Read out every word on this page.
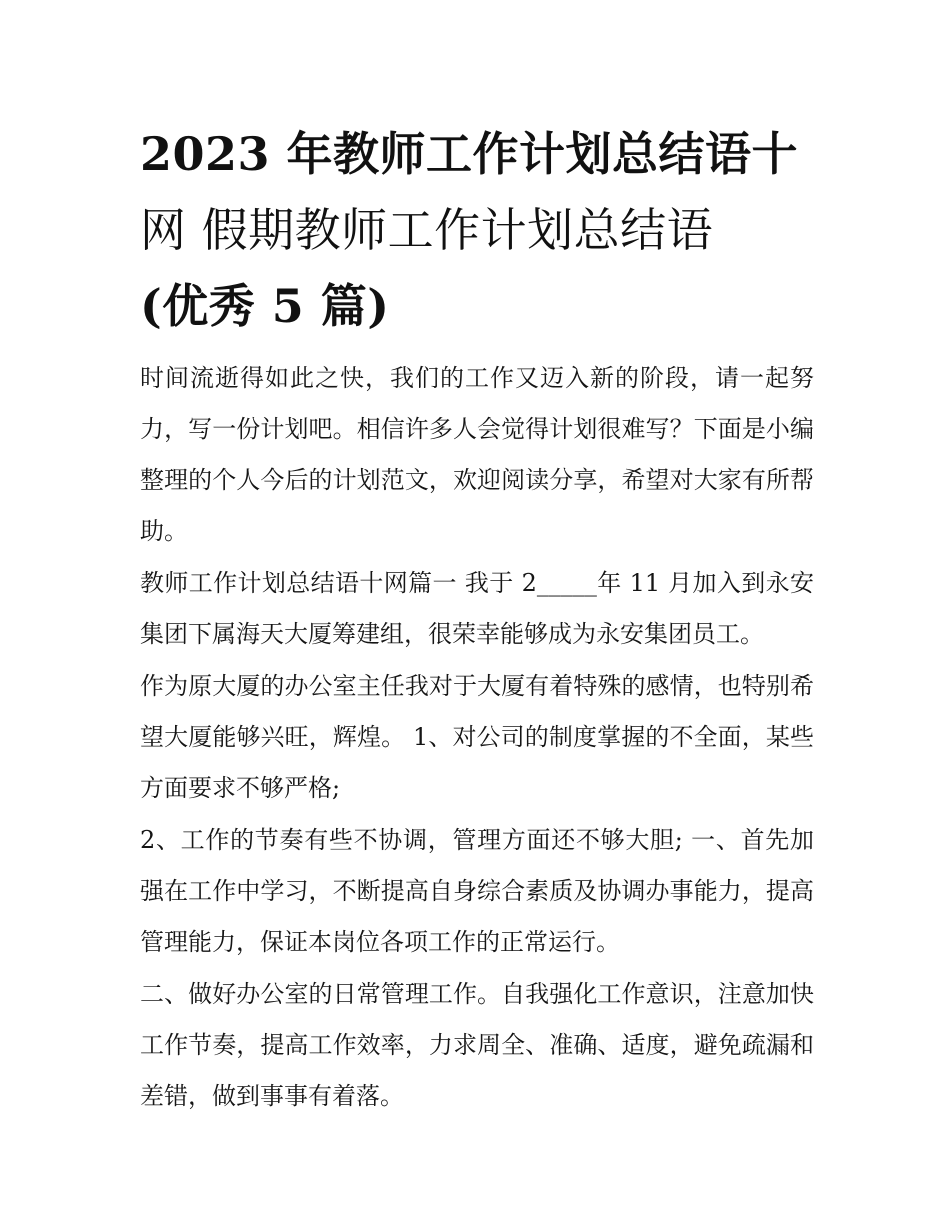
2023 年教师工作计划总结语十
网 假期教师工作计划总结语
(优秀 5 篇)

时间流逝得如此之快，我们的工作又迈入新的阶段，请一起努力，写一份计划吧。相信许多人会觉得计划很难写？下面是小编整理的个人今后的计划范文，欢迎阅读分享，希望对大家有所帮助。

教师工作计划总结语十网篇一 我于 2_____年 11 月加入到永安集团下属海天大厦筹建组，很荣幸能够成为永安集团员工。

作为原大厦的办公室主任我对于大厦有着特殊的感情，也特别希望大厦能够兴旺，辉煌。 1、对公司的制度掌握的不全面，某些方面要求不够严格;

2、工作的节奏有些不协调，管理方面还不够大胆; 一、首先加强在工作中学习，不断提高自身综合素质及协调办事能力，提高管理能力，保证本岗位各项工作的正常运行。

二、做好办公室的日常管理工作。自我强化工作意识，注意加快工作节奏，提高工作效率，力求周全、准确、适度，避免疏漏和差错，做到事事有着落。
